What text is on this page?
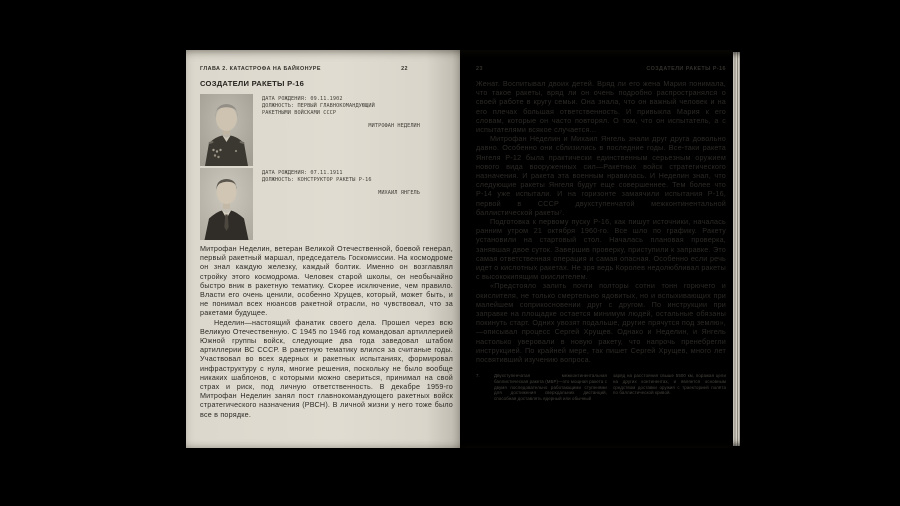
ГЛАВА 2. КАТАСТРОФА НА БАЙКОНУРЕ	22
СОЗДАТЕЛИ РАКЕТЫ Р-16
ДАТА РОЖДЕНИЯ: 09.11.1902
ДОЛЖНОСТЬ: ПЕРВЫЙ ГЛАВНОКОМАНДУЮЩИЙ
РАКЕТНЫМИ ВОЙСКАМИ СССР
МИТРОФАН НЕДЕЛИН
ДАТА РОЖДЕНИЯ: 07.11.1911
ДОЛЖНОСТЬ: КОНСТРУКТОР РАКЕТЫ Р-16
МИХАИЛ ЯНГЕЛЬ

Митрофан Неделин, ветеран Великой Отечественной, боевой генерал, первый ракетный маршал, председатель Госкомиссии. На космодроме он знал каждую железку, каждый болтик. Именно он возглавлял стройку этого космодрома. Человек старой школы, он необычайно быстро вник в ракетную тематику. Скорее исключение, чем правило. Власти его очень ценили, особенно Хрущев, который, может быть, и не понимал всех нюансов ракетной отрасли, но чувствовал, что за ракетами будущее.

Неделин—настоящий фанатик своего дела. Прошел через всю Великую Отечественную. С 1945 по 1946 год командовал артиллерией Южной группы войск, следующие два года заведовал штабом артиллерии ВС СССР. В ракетную тематику влился за считаные годы. Участвовал во всех ядерных и ракетных испытаниях, формировал инфраструктуру с нуля, многие решения, поскольку не было вообще никаких шаблонов, с которыми можно свериться, принимал на свой страх и риск, под личную ответственность. В декабре 1959-го Митрофан Неделин занял пост главнокомандующего ракетных войск стратегического назначения (РВСН). В личной жизни у него тоже было все в порядке.

23	СОЗДАТЕЛИ РАКЕТЫ Р-16

Женат. Воспитывал двоих детей. Вряд ли его жена Мария понимала, что такое ракеты, вряд ли он очень подробно распространялся о своей работе в кругу семьи. Она знала, что он важный человек и на его плечах большая ответственность. И привыкла Мария к его словам, которые он часто повторял. О том, что он испытатель, а с испытателями всякое случается...

Митрофан Неделин и Михаил Янгель знали друг друга довольно давно. Особенно они сблизились в последние годы. Все-таки ракета Янгеля Р-12 была практически единственным серьезным оружием нового вида вооруженных сил—Ракетных войск стратегического назначения. И ракета эта военным нравилась. И Неделин знал, что следующие ракеты Янгеля будут еще совершеннее. Тем более что Р-14 уже испытали. И на горизонте замаячили испытания Р-16, первой в СССР двухступенчатой межконтинентальной баллистической ракеты⁷.

Подготовка к первому пуску Р-16, как пишут источники, началась ранним утром 21 октября 1960-го. Все шло по графику. Ракету установили на стартовый стол. Началась плановая проверка, занявшая двое суток. Завершив проверку, приступили к заправке. Это самая ответственная операция и самая опасная. Особенно если речь идет о кислотных ракетах. Не зря ведь Королев недолюбливал ракеты с высококипящим окислителем.

«Предстояло залить почти полторы сотни тонн горючего и окислителя, не только смертельно ядовитых, но и вспыхивающих при малейшем соприкосновении друг с другом. По инструкции при заправке на площадке остается минимум людей, остальные обязаны покинуть старт. Одних увозят подальше, другие прячутся под землю»,—описывал процесс Сергей Хрущев. Однако и Неделин, и Янгель настолько уверовали в новую ракету, что напрочь пренебрегли инструкцией. По крайней мере, так пишет Сергей Хрущев, много лет посвятивший изучению вопроса.

7.	Двухступенчатая межконтинентальная баллистическая ракета (МБР)—это мощная ракета с двумя последовательно работающими ступенями для достижения сверхдальних дистанций, способная доставлять ядерный или обычный
заряд на расстояния свыше 5500 км, поражая цели на других континентах, и является основным средством доставки оружия с траекторией полёта по баллистической кривой.
